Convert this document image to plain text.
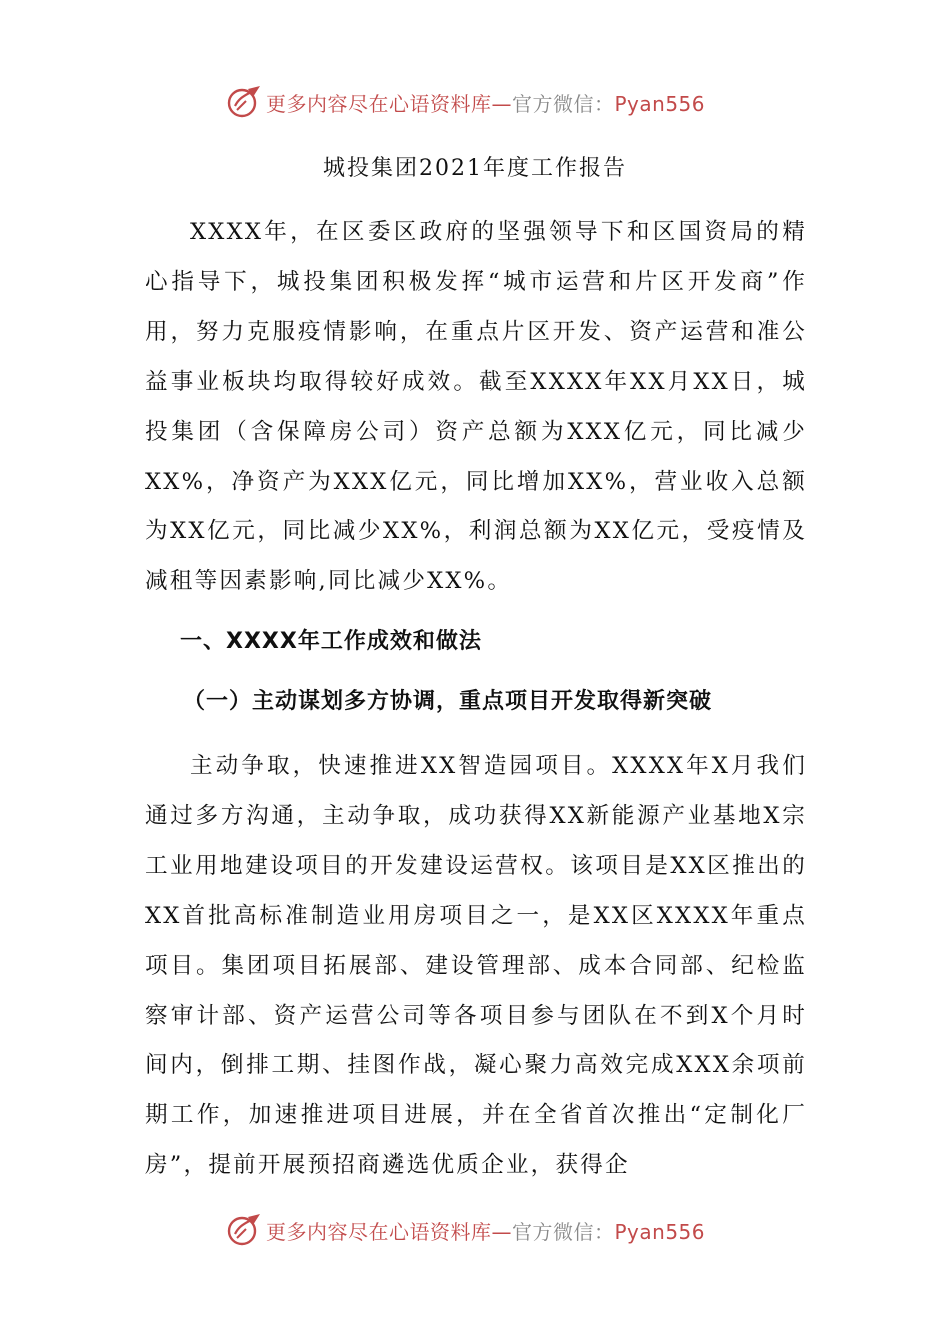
更多内容尽在心语资料库—官方微信：Pyan556
城投集团2021年度工作报告

XXXX年，在区委区政府的坚强领导下和区国资局的精心指导下，城投集团积极发挥“城市运营和片区开发商”作用，努力克服疫情影响，在重点片区开发、资产运营和准公益事业板块均取得较好成效。截至XXXX年XX月XX日，城投集团（含保障房公司）资产总额为XXX亿元，同比减少XX%，净资产为XXX亿元，同比增加XX%，营业收入总额为XX亿元，同比减少XX%，利润总额为XX亿元，受疫情及减租等因素影响,同比减少XX%。

一、XXXX年工作成效和做法

（一）主动谋划多方协调，重点项目开发取得新突破

主动争取，快速推进XX智造园项目。XXXX年X月我们通过多方沟通，主动争取，成功获得XX新能源产业基地X宗工业用地建设项目的开发建设运营权。该项目是XX区推出的XX首批高标准制造业用房项目之一，是XX区XXXX年重点项目。集团项目拓展部、建设管理部、成本合同部、纪检监察审计部、资产运营公司等各项目参与团队在不到X个月时间内，倒排工期、挂图作战，凝心聚力高效完成XXX余项前期工作，加速推进项目进展，并在全省首次推出“定制化厂房”，提前开展预招商遴选优质企业，获得企

更多内容尽在心语资料库—官方微信：Pyan556
